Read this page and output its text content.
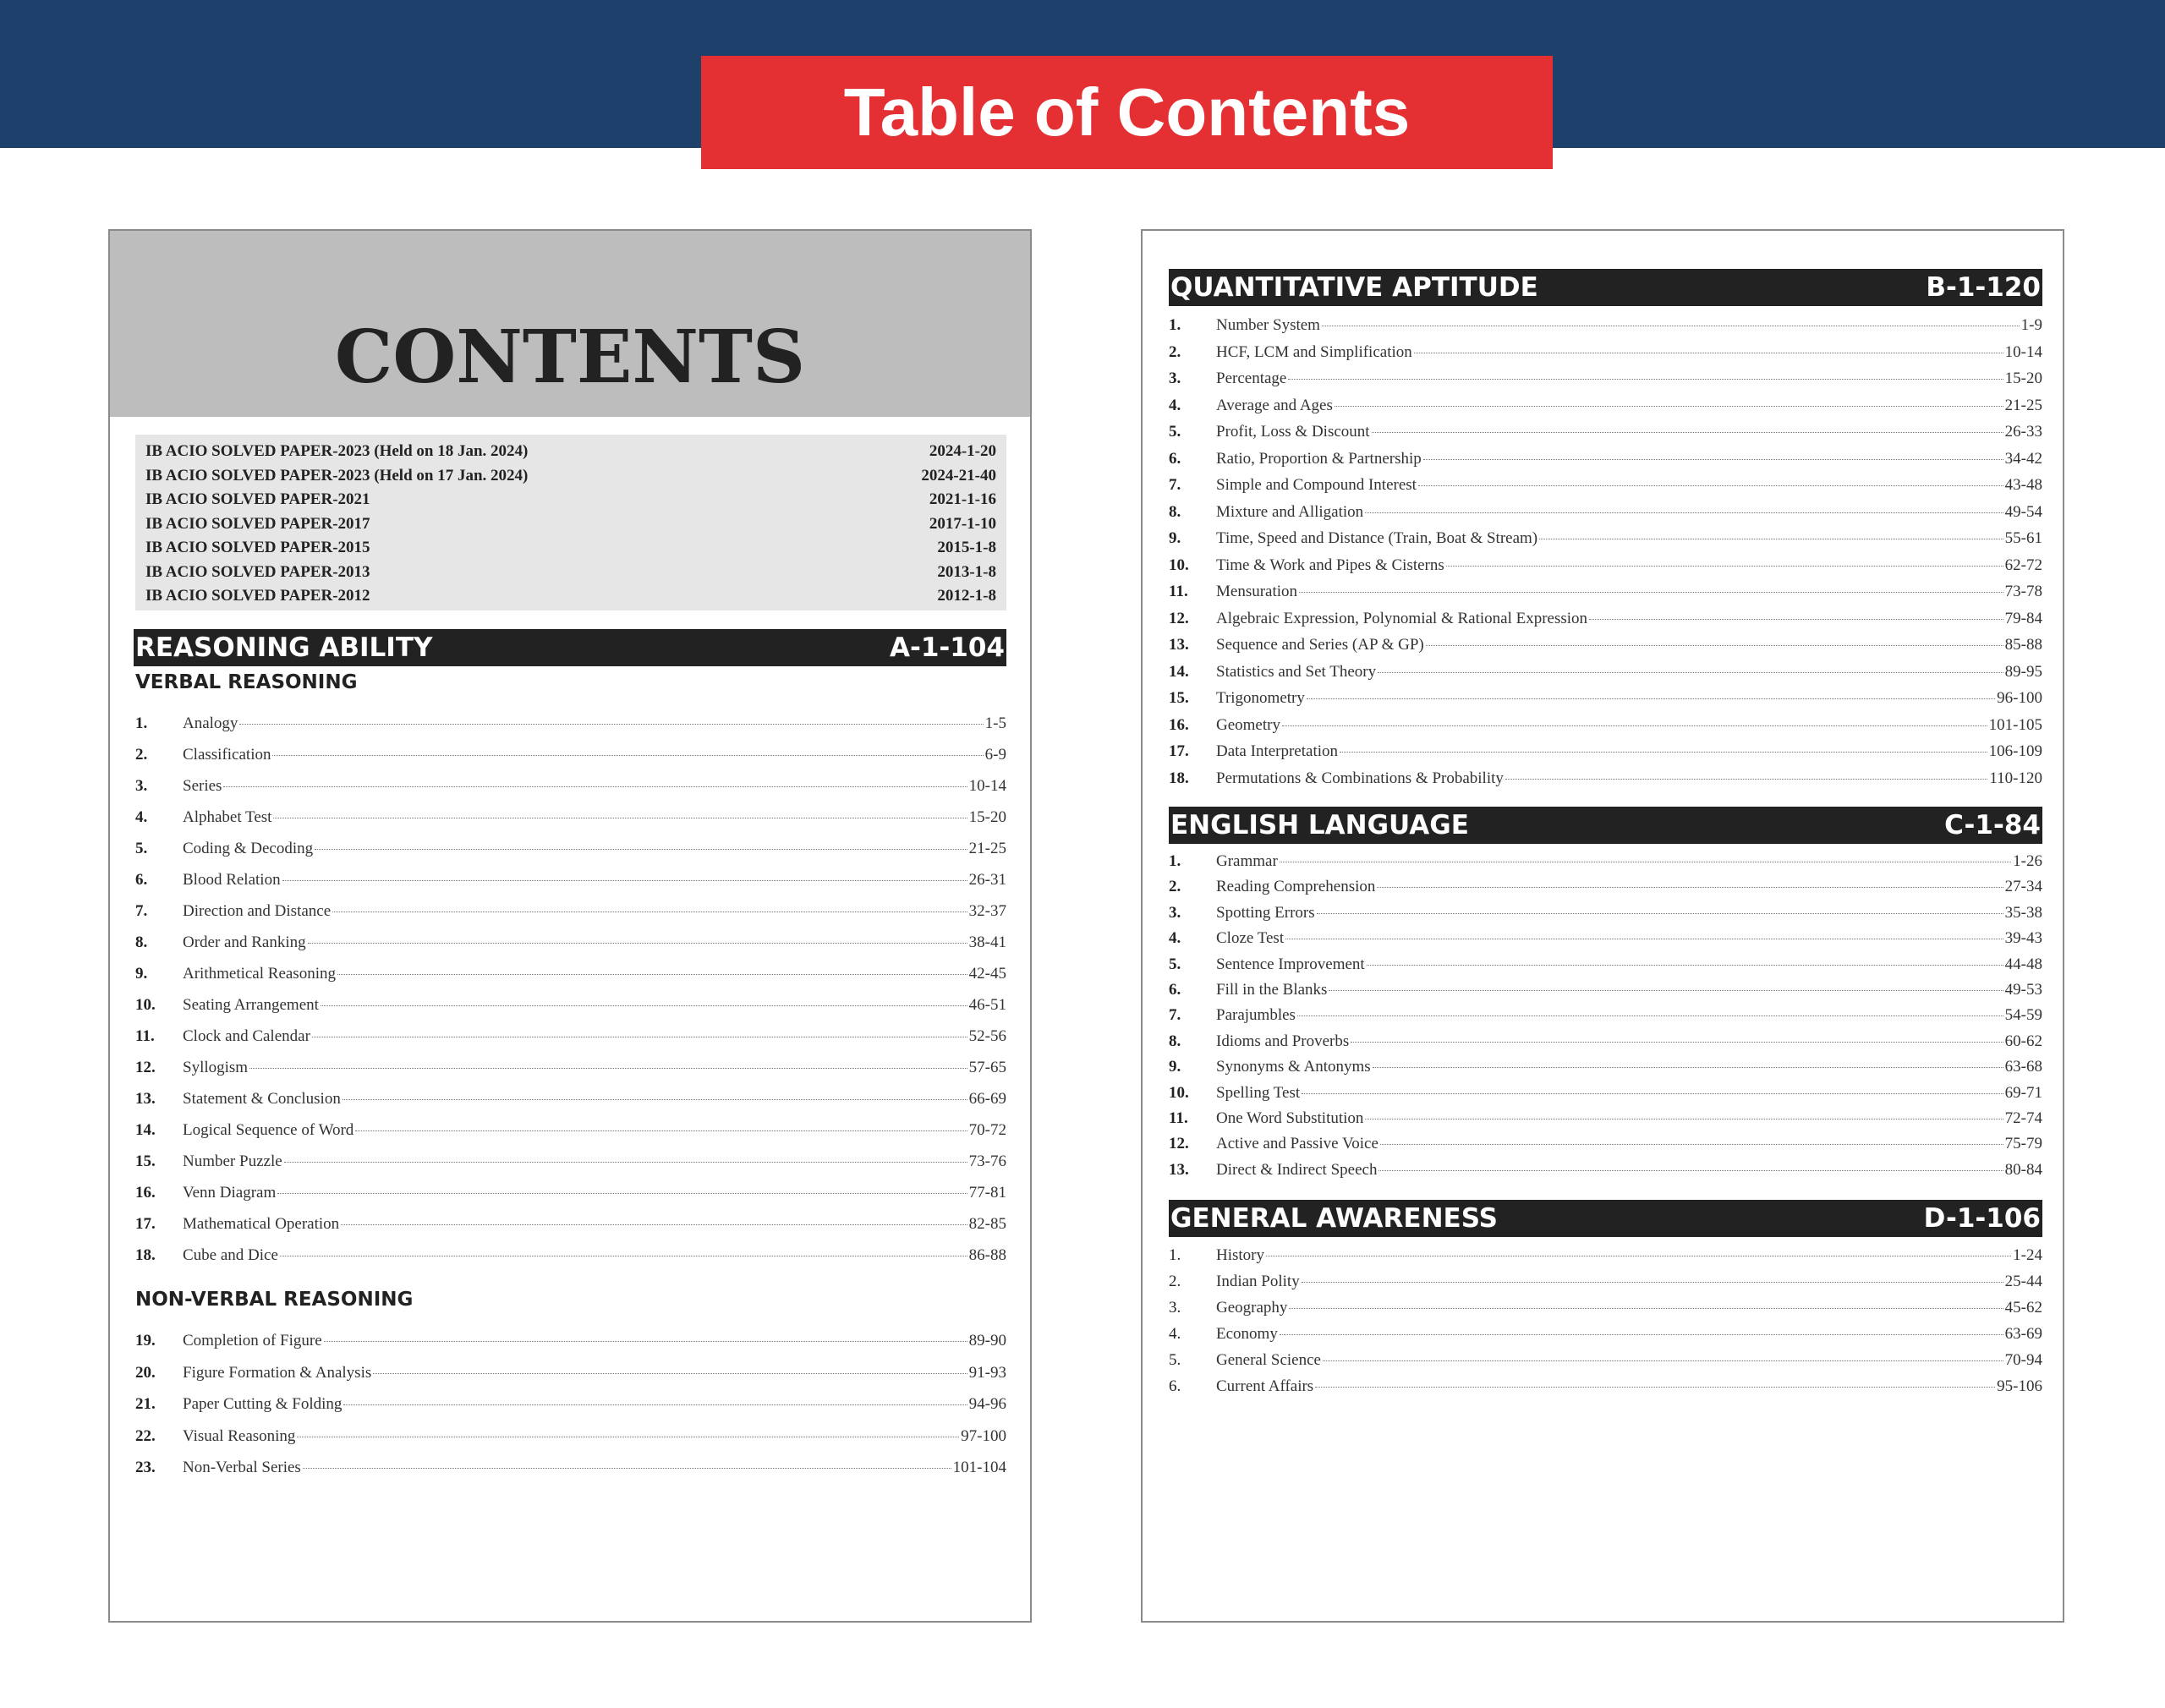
Table of Contents
CONTENTS
IB ACIO SOLVED PAPER-2023 (Held on 18 Jan. 2024)	2024-1-20
IB ACIO SOLVED PAPER-2023 (Held on 17 Jan. 2024)	2024-21-40
IB ACIO SOLVED PAPER-2021	2021-1-16
IB ACIO SOLVED PAPER-2017	2017-1-10
IB ACIO SOLVED PAPER-2015	2015-1-8
IB ACIO SOLVED PAPER-2013	2013-1-8
IB ACIO SOLVED PAPER-2012	2012-1-8
REASONING ABILITY	A-1-104
VERBAL REASONING
1.	Analogy	1-5
2.	Classification	6-9
3.	Series	10-14
4.	Alphabet Test	15-20
5.	Coding & Decoding	21-25
6.	Blood Relation	26-31
7.	Direction and Distance	32-37
8.	Order and Ranking	38-41
9.	Arithmetical Reasoning	42-45
10.	Seating Arrangement	46-51
11.	Clock and Calendar	52-56
12.	Syllogism	57-65
13.	Statement & Conclusion	66-69
14.	Logical Sequence of Word	70-72
15.	Number Puzzle	73-76
16.	Venn Diagram	77-81
17.	Mathematical Operation	82-85
18.	Cube and Dice	86-88
NON-VERBAL REASONING
19.	Completion of Figure	89-90
20.	Figure Formation & Analysis	91-93
21.	Paper Cutting & Folding	94-96
22.	Visual Reasoning	97-100
23.	Non-Verbal Series	101-104
QUANTITATIVE APTITUDE	B-1-120
1.	Number System	1-9
2.	HCF, LCM and Simplification	10-14
3.	Percentage	15-20
4.	Average and Ages	21-25
5.	Profit, Loss & Discount	26-33
6.	Ratio, Proportion & Partnership	34-42
7.	Simple and Compound Interest	43-48
8.	Mixture and Alligation	49-54
9.	Time, Speed and Distance (Train, Boat & Stream)	55-61
10.	Time & Work and Pipes & Cisterns	62-72
11.	Mensuration	73-78
12.	Algebraic Expression, Polynomial & Rational Expression	79-84
13.	Sequence and Series (AP & GP)	85-88
14.	Statistics and Set Theory	89-95
15.	Trigonometry	96-100
16.	Geometry	101-105
17.	Data Interpretation	106-109
18.	Permutations & Combinations & Probability	110-120
ENGLISH LANGUAGE	C-1-84
1.	Grammar	1-26
2.	Reading Comprehension	27-34
3.	Spotting Errors	35-38
4.	Cloze Test	39-43
5.	Sentence Improvement	44-48
6.	Fill in the Blanks	49-53
7.	Parajumbles	54-59
8.	Idioms and Proverbs	60-62
9.	Synonyms & Antonyms	63-68
10.	Spelling Test	69-71
11.	One Word Substitution	72-74
12.	Active and Passive Voice	75-79
13.	Direct & Indirect Speech	80-84
GENERAL AWARENESS	D-1-106
1.	History	1-24
2.	Indian Polity	25-44
3.	Geography	45-62
4.	Economy	63-69
5.	General Science	70-94
6.	Current Affairs	95-106
